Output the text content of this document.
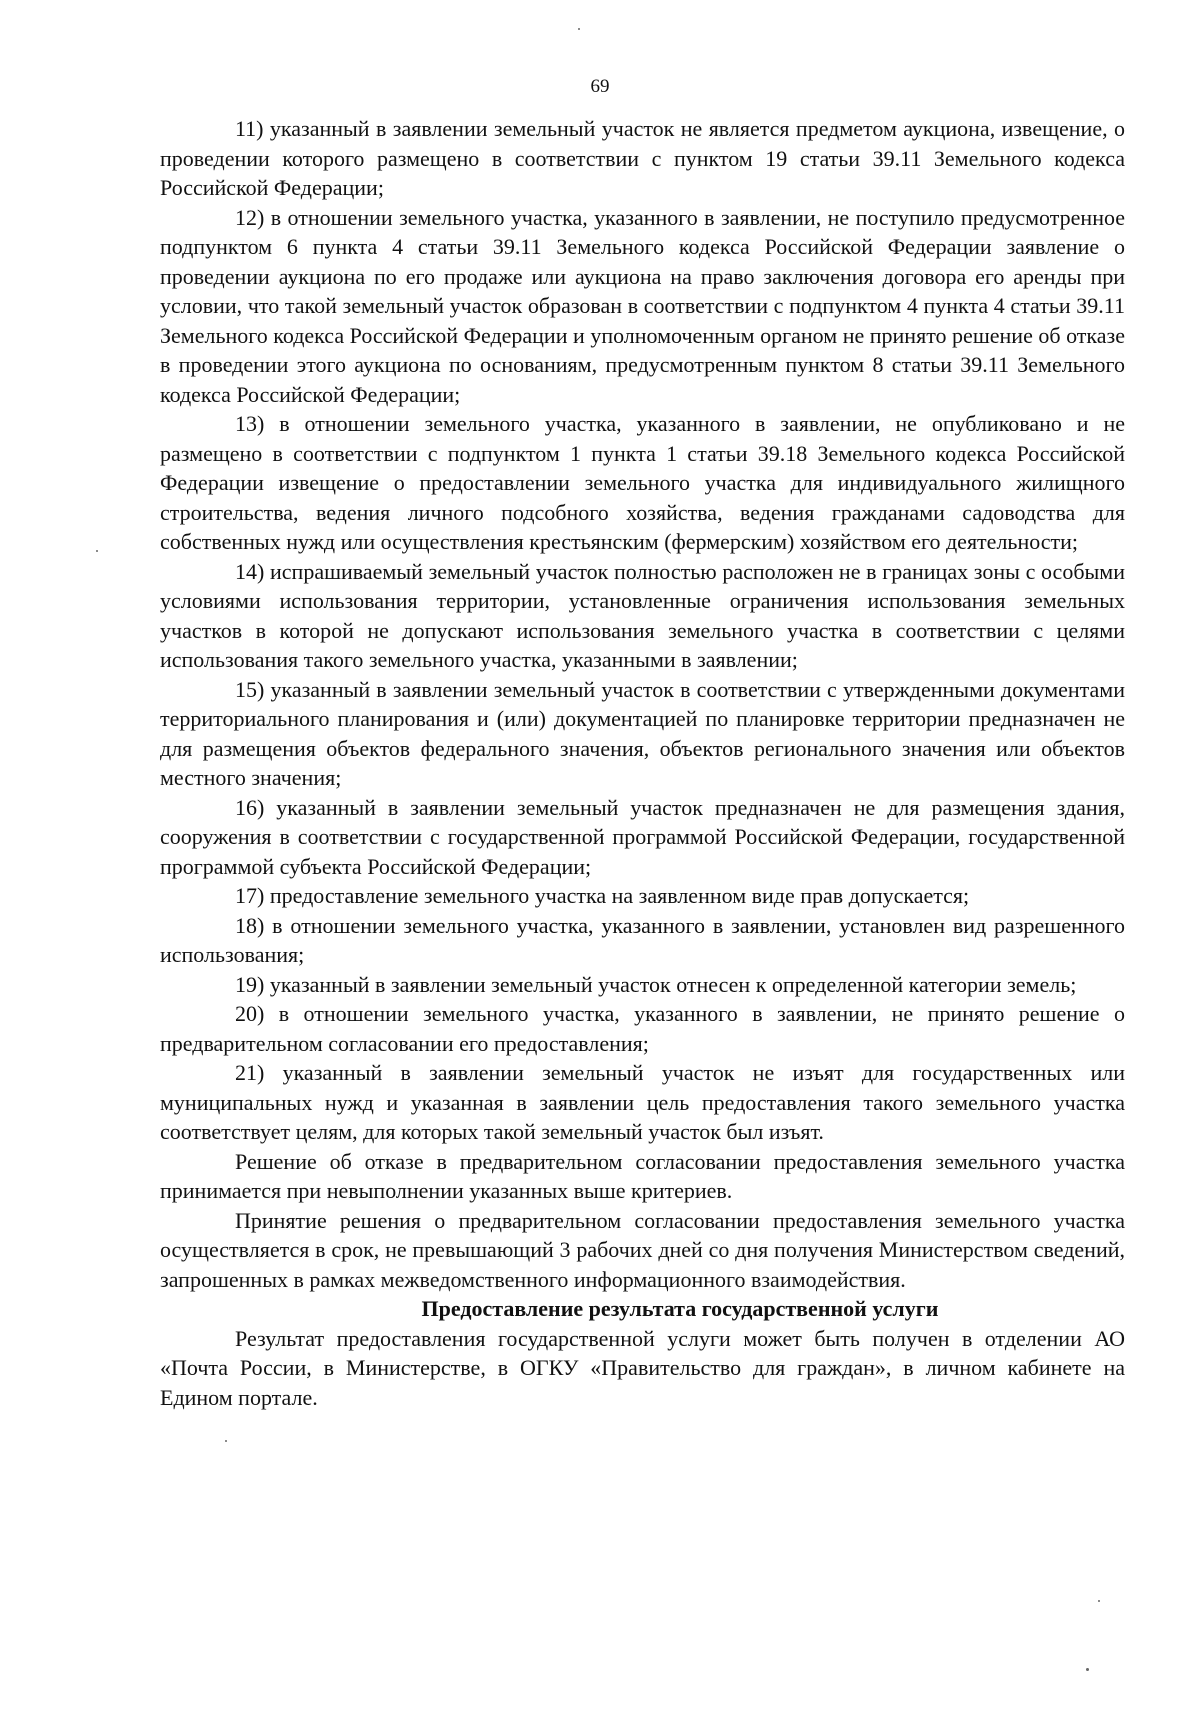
69

11) указанный в заявлении земельный участок не является предметом аукциона, извещение, о проведении которого размещено в соответствии с пунктом 19 статьи 39.11 Земельного кодекса Российской Федерации;

12) в отношении земельного участка, указанного в заявлении, не поступило предусмотренное подпунктом 6 пункта 4 статьи 39.11 Земельного кодекса Российской Федерации заявление о проведении аукциона по его продаже или аукциона на право заключения договора его аренды при условии, что такой земельный участок образован в соответствии с подпунктом 4 пункта 4 статьи 39.11 Земельного кодекса Российской Федерации и уполномоченным органом не принято решение об отказе в проведении этого аукциона по основаниям, предусмотренным пунктом 8 статьи 39.11 Земельного кодекса Российской Федерации;

13) в отношении земельного участка, указанного в заявлении, не опубликовано и не размещено в соответствии с подпунктом 1 пункта 1 статьи 39.18 Земельного кодекса Российской Федерации извещение о предоставлении земельного участка для индивидуального жилищного строительства, ведения личного подсобного хозяйства, ведения гражданами садоводства для собственных нужд или осуществления крестьянским (фермерским) хозяйством его деятельности;

14) испрашиваемый земельный участок полностью расположен не в границах зоны с особыми условиями использования территории, установленные ограничения использования земельных участков в которой не допускают использования земельного участка в соответствии с целями использования такого земельного участка, указанными в заявлении;

15) указанный в заявлении земельный участок в соответствии с утвержденными документами территориального планирования и (или) документацией по планировке территории предназначен не для размещения объектов федерального значения, объектов регионального значения или объектов местного значения;

16) указанный в заявлении земельный участок предназначен не для размещения здания, сооружения в соответствии с государственной программой Российской Федерации, государственной программой субъекта Российской Федерации;

17) предоставление земельного участка на заявленном виде прав допускается;

18) в отношении земельного участка, указанного в заявлении, установлен вид разрешенного использования;

19) указанный в заявлении земельный участок отнесен к определенной категории земель;

20) в отношении земельного участка, указанного в заявлении, не принято решение о предварительном согласовании его предоставления;

21) указанный в заявлении земельный участок не изъят для государственных или муниципальных нужд и указанная в заявлении цель предоставления такого земельного участка соответствует целям, для которых такой земельный участок был изъят.

Решение об отказе в предварительном согласовании предоставления земельного участка принимается при невыполнении указанных выше критериев.

Принятие решения о предварительном согласовании предоставления земельного участка осуществляется в срок, не превышающий 3 рабочих дней со дня получения Министерством сведений, запрошенных в рамках межведомственного информационного взаимодействия.

Предоставление результата государственной услуги

Результат предоставления государственной услуги может быть получен в отделении АО «Почта России, в Министерстве, в ОГКУ «Правительство для граждан», в личном кабинете на Едином портале.
